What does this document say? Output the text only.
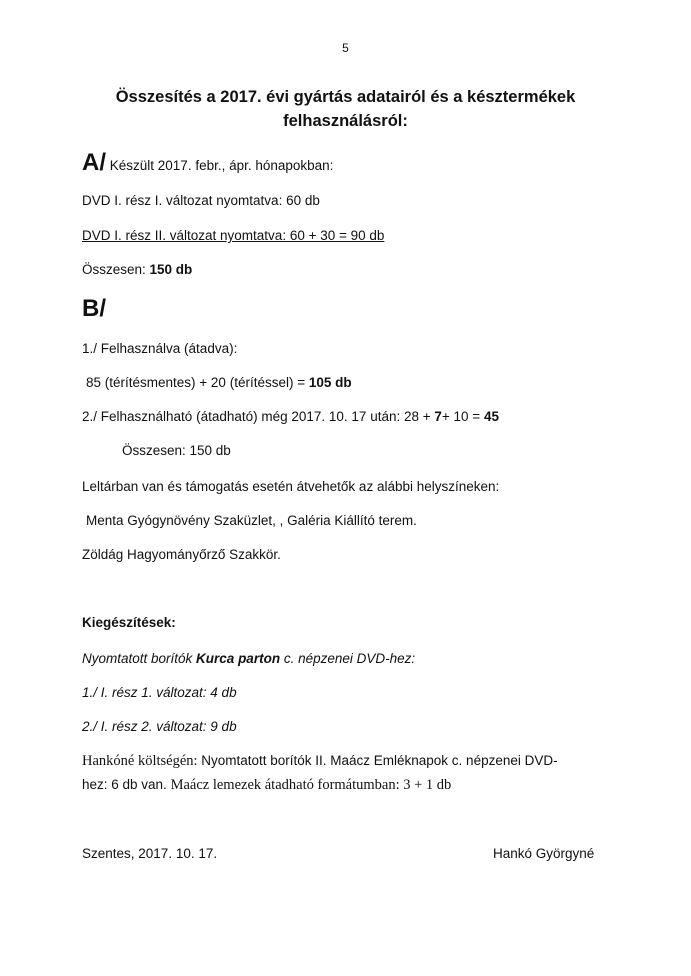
5
Összesítés a 2017. évi gyártás adatairól és a késztermékek
felhasználásról:
A/ Készült 2017. febr., ápr. hónapokban:
DVD I. rész I. változat nyomtatva: 60 db
DVD I. rész II. változat nyomtatva: 60 + 30 = 90 db
Összesen: 150 db
B/
1./ Felhasználva (átadva):
85 (térítésmentes) + 20 (térítéssel) = 105 db
2./ Felhasználható (átadható) még 2017. 10. 17 után: 28 + 7+ 10 = 45
Összesen: 150 db
Leltárban van és támogatás esetén átvehetők az alábbi helyszíneken:
Menta Gyógynövény Szaküzlet, , Galéria Kiállító terem.
Zöldág Hagyományőrző Szakkör.
Kiegészítések:
Nyomtatott borítók Kurca parton c. népzenei DVD-hez:
1./ I. rész 1. változat: 4 db
2./ I. rész 2. változat: 9 db
Hankóné költségén: Nyomtatott borítók II. Maácz Emléknapok c. népzenei DVD-
hez: 6 db van. Maácz lemezek átadható formátumban: 3 + 1 db
Szentes, 2017. 10. 17.	Hankó Györgyné
